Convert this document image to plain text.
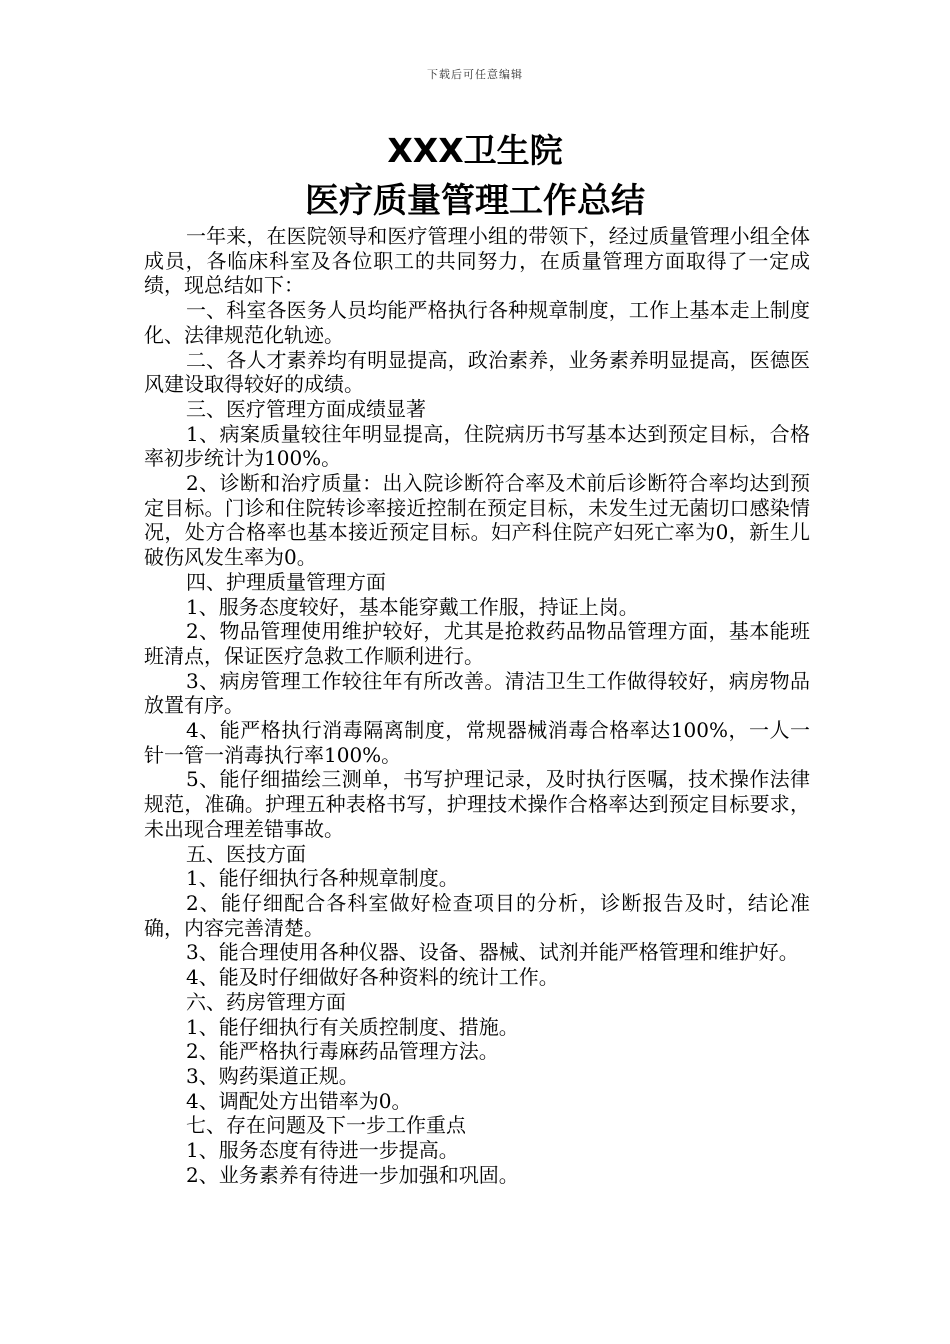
下载后可任意编辑
XXX卫生院
医疗质量管理工作总结

一年来，在医院领导和医疗管理小组的带领下，经过质量管理小组全体成员，各临床科室及各位职工的共同努力，在质量管理方面取得了一定成绩，现总结如下：

一、科室各医务人员均能严格执行各种规章制度，工作上基本走上制度化、法律规范化轨迹。

二、各人才素养均有明显提高，政治素养，业务素养明显提高，医德医风建设取得较好的成绩。

三、医疗管理方面成绩显著

1、病案质量较往年明显提高，住院病历书写基本达到预定目标，合格率初步统计为100%。

2、诊断和治疗质量：出入院诊断符合率及术前后诊断符合率均达到预定目标。门诊和住院转诊率接近控制在预定目标，未发生过无菌切口感染情况，处方合格率也基本接近预定目标。妇产科住院产妇死亡率为0，新生儿破伤风发生率为0。

四、护理质量管理方面

1、服务态度较好，基本能穿戴工作服，持证上岗。

2、物品管理使用维护较好，尤其是抢救药品物品管理方面，基本能班班清点，保证医疗急救工作顺利进行。

3、病房管理工作较往年有所改善。清洁卫生工作做得较好，病房物品放置有序。

4、能严格执行消毒隔离制度，常规器械消毒合格率达100%，一人一针一管一消毒执行率100%。

5、能仔细描绘三测单，书写护理记录，及时执行医嘱，技术操作法律规范，准确。护理五种表格书写，护理技术操作合格率达到预定目标要求，未出现合理差错事故。

五、医技方面

1、能仔细执行各种规章制度。

2、能仔细配合各科室做好检查项目的分析，诊断报告及时，结论准确，内容完善清楚。

3、能合理使用各种仪器、设备、器械、试剂并能严格管理和维护好。

4、能及时仔细做好各种资料的统计工作。

六、药房管理方面

1、能仔细执行有关质控制度、措施。

2、能严格执行毒麻药品管理方法。

3、购药渠道正规。

4、调配处方出错率为0。

七、存在问题及下一步工作重点

1、服务态度有待进一步提高。

2、业务素养有待进一步加强和巩固。
